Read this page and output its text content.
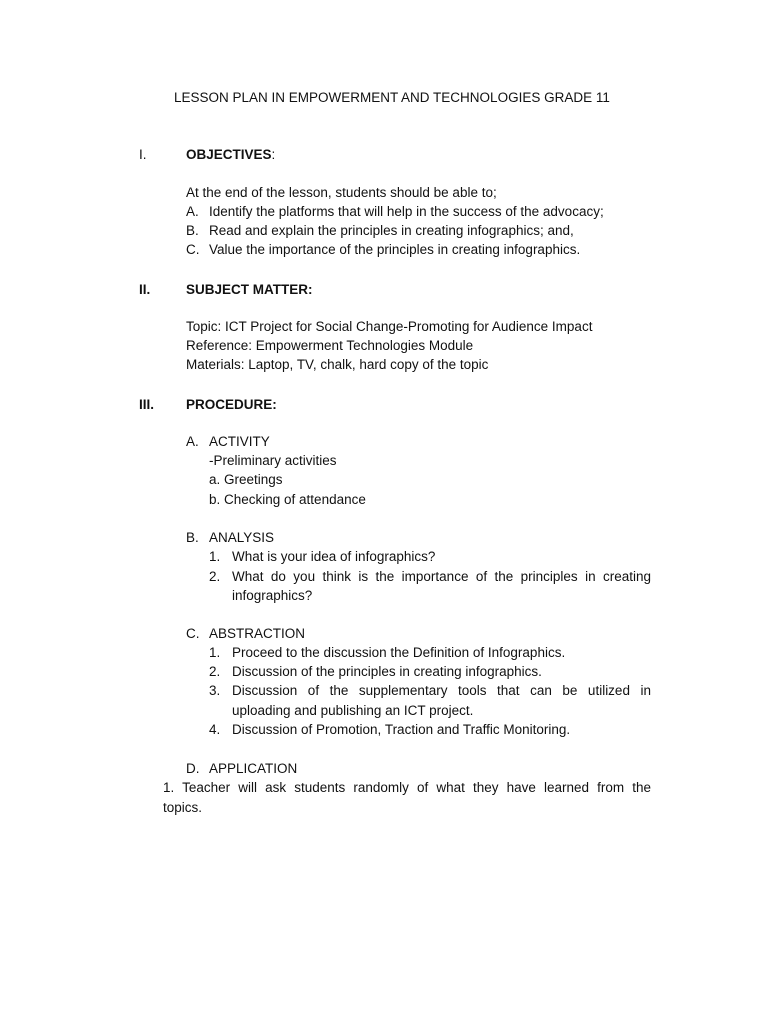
LESSON PLAN IN EMPOWERMENT AND TECHNOLOGIES GRADE 11
I.	OBJECTIVES:
At the end of the lesson, students should be able to;
A. Identify the platforms that will help in the success of the advocacy;
B. Read and explain the principles in creating infographics; and,
C. Value the importance of the principles in creating infographics.
II.	SUBJECT MATTER:
Topic: ICT Project for Social Change-Promoting for Audience Impact
Reference: Empowerment Technologies Module
Materials: Laptop, TV, chalk, hard copy of the topic
III. PROCEDURE:
A. ACTIVITY
-Preliminary activities
a. Greetings
b. Checking of attendance
B. ANALYSIS
1. What is your idea of infographics?
2. What do you think is the importance of the principles in creating
infographics?
C. ABSTRACTION
1. Proceed to the discussion the Definition of Infographics.
2. Discussion of the principles in creating infographics.
3. Discussion of the supplementary tools that can be utilized in
uploading and publishing an ICT project.
4. Discussion of Promotion, Traction and Traffic Monitoring.
D. APPLICATION
1. Teacher will ask students randomly of what they have learned from the
topics.
